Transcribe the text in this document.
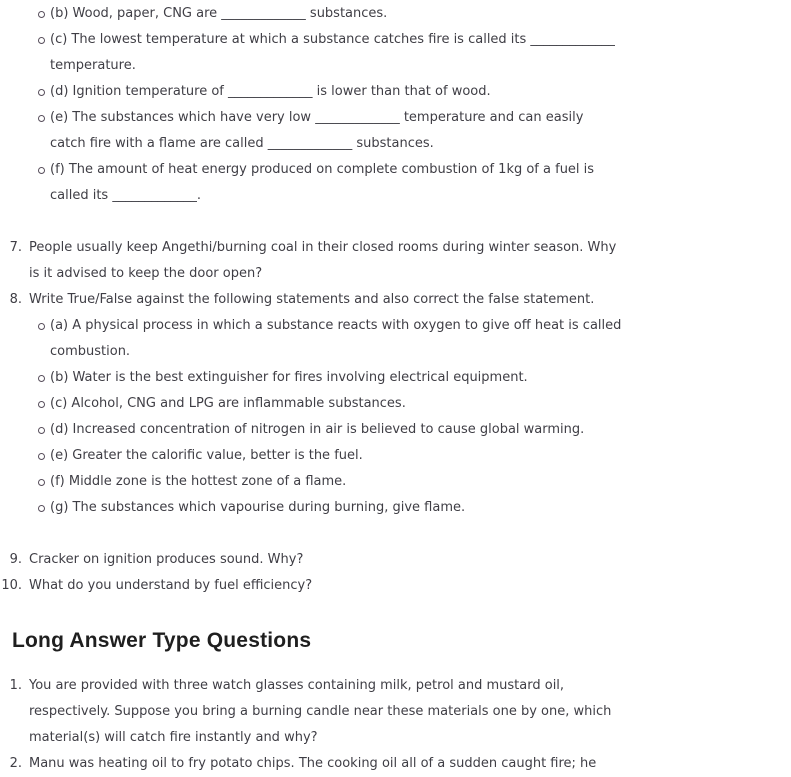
(b) Wood, paper, CNG are _____________ substances.
(c) The lowest temperature at which a substance catches fire is called its _____________
temperature.
(d) Ignition temperature of _____________ is lower than that of wood.
(e) The substances which have very low _____________ temperature and can easily
catch fire with a flame are called _____________ substances.
(f) The amount of heat energy produced on complete combustion of 1kg of a fuel is
called its _____________.
7. People usually keep Angethi/burning coal in their closed rooms during winter season. Why
is it advised to keep the door open?
8. Write True/False against the following statements and also correct the false statement.
(a) A physical process in which a substance reacts with oxygen to give off heat is called
combustion.
(b) Water is the best extinguisher for fires involving electrical equipment.
(c) Alcohol, CNG and LPG are inflammable substances.
(d) Increased concentration of nitrogen in air is believed to cause global warming.
(e) Greater the calorific value, better is the fuel.
(f) Middle zone is the hottest zone of a flame.
(g) The substances which vapourise during burning, give flame.
9. Cracker on ignition produces sound. Why?
10. What do you understand by fuel efficiency?
Long Answer Type Questions
1. You are provided with three watch glasses containing milk, petrol and mustard oil,
respectively. Suppose you bring a burning candle near these materials one by one, which
material(s) will catch fire instantly and why?
2. Manu was heating oil to fry potato chips. The cooking oil all of a sudden caught fire; he
